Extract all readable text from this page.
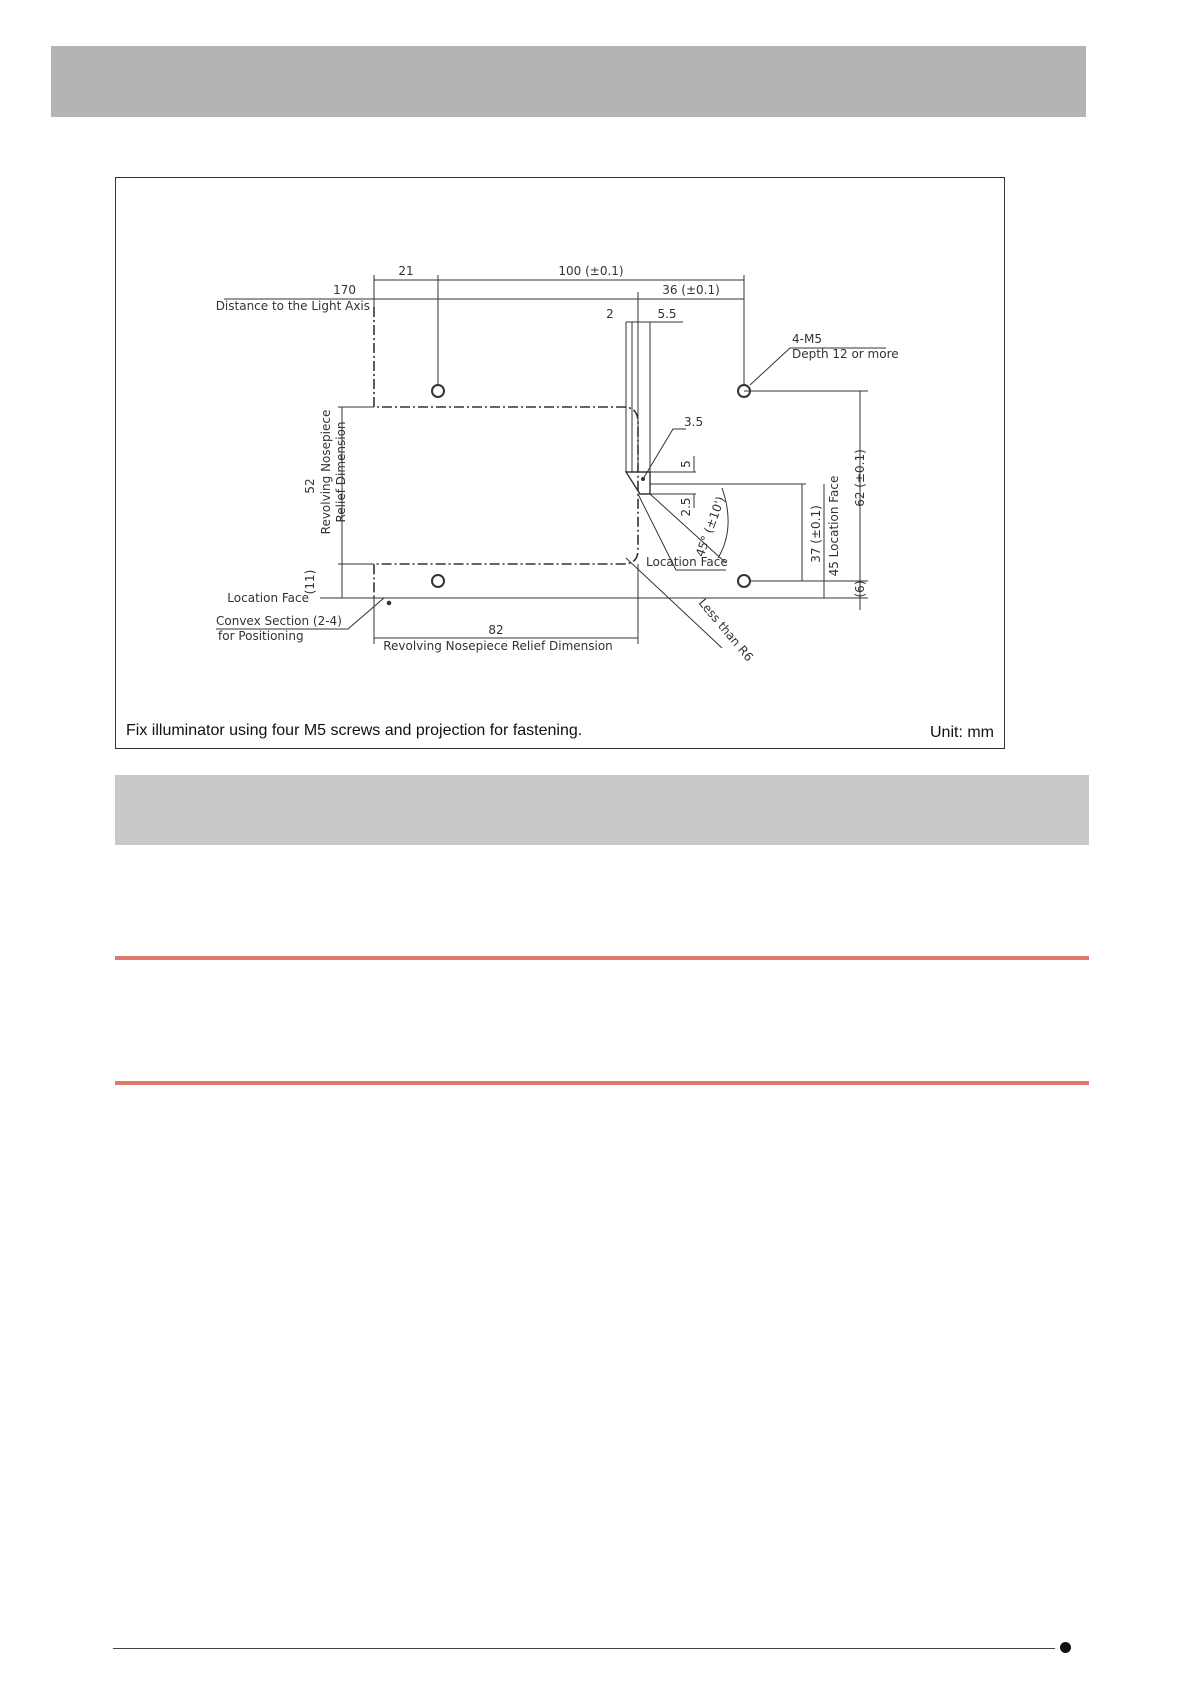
21	100 (±0.1)
170
Distance to the Light Axis
36 (±0.1)
2	5.5
4-M5
Depth 12 or more
3.5
5
2.5 45° (±10')
52 Revolving Nosepiece Relief Dimension
(11)
Location Face
Location Face
Convex Section (2-4)
for Positioning	82
Revolving Nosepiece Relief Dimension	Less than R6
37 (±0.1) 45 Location Face 62 (±0.1)
(6)
Fix illuminator using four M5 screws and projection for fastening.	Unit: mm
